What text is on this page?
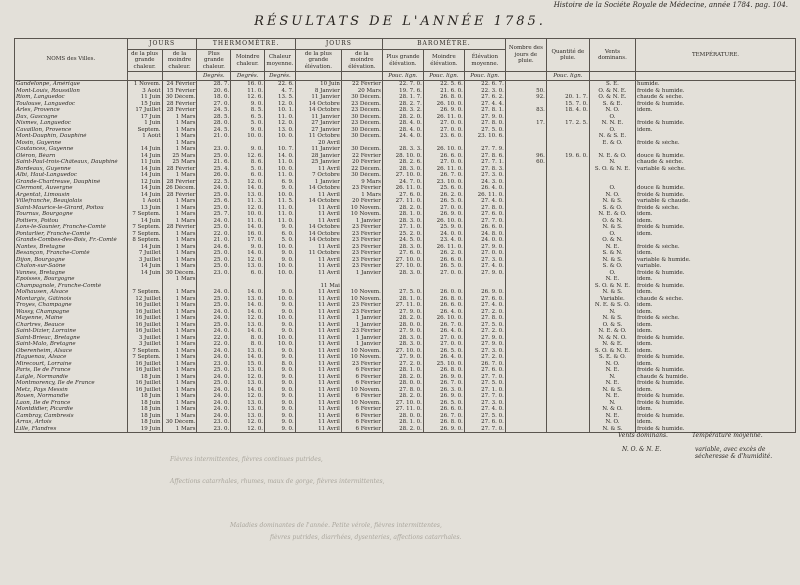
Histoire de la Sociéte Royale de Médecine, année 1784. pag. 104.
RÉSULTATS DE L'ANNÉE 1785.
NOMS des Villes.	JOURS		THERMOMÈTRE.			JOURS		BAROMÈTRE.			Nombre des jours de pluie.	Quantité de pluie.	Vents dominans.	TEMPÉRATURE.
	de la plus grande chaleur.	de la moindre chaleur.	Plus grande chaleur.	Moindre chaleur.	Chaleur moyenne.	de la plus grande élévation.	de la moindre élévation.	Plus grande élévation.	Moindre élévation.	Élévation moyenne.				
			Degrés.	Degrés.	Degrés.			Pouc. lign.	Pouc. lign.	Pouc. lign.		Pouc. lign.		
Gandelonpe, Amérique	1 Novem.	24 Février	28. 7.	16. 0.	22. 6.	10 Juin	22 Février	22. 7. 0.	22. 5. 6.	22. 6. 7.			S. E.	humide.
Mont-Louis, Roussillon	3 Août	15 Février	20. 6.	11. 0.	4. 7.	8 Janvier	20 Mars	19. 7. 6.	21. 6. 0.	22. 3. 0.	50.		O. & N. E.	froide & humide.
Riom, Languedoc	11 Juin	30 Décem.	18. 0.	12. 6.	13. 5.	11 Janvier	30 Décem.	28. 1. 7.	26. 8. 0.	27. 6. 2.	92.	20. 1. 7.	O. & N. E.	chaude & sèche.
Toulouse, Languedoc	15 Juin	28 Février	27. 0.	9. 0.	12. 0.	14 Octobre	23 Décem.	28. 2. 7.	26. 10. 0.	27. 4. 4.		15. 7. 0.	S. & E.	froide & humide.
Arles, Provence	17 Juillet	28 Février	24. 5.	8. 5.	10. 1.	14 Octobre	23 Décem.	28. 3. 2.	26. 9. 0.	27. 8. 1.	83.	18. 4. 0.	N. O.	idem.
Dax, Gascogne	17 Juin	1 Mars	28. 5.	6. 5.	11. 0.	11 Janvier	30 Décem.	28. 2. 0.	26. 11. 0.	27. 9. 0.			O.	
Nismes, Languedoc	1 Juin	1 Mars	28. 0.	5. 0.	12. 0.	27 Janvier	23 Décem.	28. 4. 0.	27. 0. 0.	27. 8. 0.	17.	17. 2. 5.	N. N. E.	froide & humide.
Cavaillon, Provence	Septem.	1 Mars	24. 5.	9. 0.	13. 0.	27 Janvier	30 Décem.	28. 4. 0.	27. 0. 0.	27. 5. 0.			O.	idem.
Mont-Dauphin, Dauphiné	1 Août	1 Mars	21. 0.	10. 0.	10. 0.	11 Octobre	30 Décem.	24. 4. 0.	23. 6. 0.	23. 10. 6.			N. & S. E.	
Mosin, Guyenne		1 Mars				20 Avril							E. & O.	froide & sèche.
Coutances, Guyenne	14 Juin	1 Mars	23. 0.	9. 0.	10. 7.	11 Janvier	30 Décem.	28. 3. 3.	26. 10. 0.	27. 7. 9.				
Oléron, Béarn	14 Juin	25 Mars	25. 0.	12. 6.	14. 0.	28 Janvier	22 Février	28. 10. 0.	26. 6. 0.	27. 8. 6.	96.	19. 6. 0.	N. E. & O.	douce & humide.
Saint-Paul-trois-Châteaux, Dauphiné	11 Juin	25 Mars	21. 6.	8. 6.	11. 0.	25 Janvier	20 Février	28. 2. 6.	27. 0. 0.	27. 7. 1.	60.		N.	chaude & sèche.
Bordeaux, Guyenne	14 Juin	28 Février	25. 4.	5. 0.	10. 0.	11 Avril	22 Décem.	28. 3. 0.	26. 11. 0.	27. 8. 3.			S. O. & N. E.	variable & sèche.
Albi, Haut-Languedoc	14 Juin	1 Mars	26. 0.	6. 0.	11. 0.	7 Octobre	30 Décem.	27. 10. 0.	26. 7. 0.	27. 3. 0.				
Grande-Chartreuse, Dauphiné	12 Juin	28 Février	22. 5.	12. 0.	6. 9.	1 Janvier	9 Mars	24. 7. 0.	23. 10. 0.	24. 3. 0.				
Clermont, Auvergne	14 Juin	26 Décem.	24. 0.	14. 0.	9. 0.	14 Octobre	23 Février	26. 11. 0.	25. 6. 0.	26. 4. 0.			O.	douce & humide.
Argentat, Limousin	14 Juin	28 Février	25. 0.	13. 0.	10. 0.	11 Avril	1 Mars	27. 6. 0.	26. 2. 0.	26. 11. 0.			N. O.	froide & humide.
Villefranche, Beaujolais	1 Août	1 Mars	25. 6.	11. 3.	11. 5.	14 Octobre	20 Février	27. 11. 0.	26. 5. 0.	27. 4. 0.			N. & S.	variable & chaude.
Saint-Maurice-le-Girard, Poitou	13 Juin	1 Mars	25. 0.	12. 0.	11. 0.	11 Avril	10 Novem.	28. 2. 0.	27. 0. 0.	27. 8. 0.			S. & O.	froide & sèche.
Tournus, Bourgogne	7 Septem.	1 Mars	25. 7.	10. 0.	11. 0.	11 Avril	10 Novem.	28. 1. 0.	26. 9. 0.	27. 6. 0.			N. E. & O.	idem.
Poitiers, Poitou	14 Juin	1 Mars	24. 0.	11. 0.	11. 0.	11 Avril	1 Janvier	28. 3. 0.	26. 10. 0.	27. 7. 0.			O. & N.	idem.
Lons-le-Saunier, Franche-Comté	7 Septem.	28 Février	25. 0.	14. 0.	9. 0.	14 Octobre	23 Février	27. 1. 0.	25. 9. 0.	26. 6. 0.			N. & S.	froide & humide.
Pontarlier, Franche-Comté	7 Septem.	1 Mars	22. 0.	16. 0.	6. 0.	14 Octobre	23 Février	25. 2. 0.	24. 0. 0.	24. 8. 0.			O.	idem.
Grands-Combes-des-Bois, Fr.-Comté	8 Septem.	1 Mars	21. 0.	17. 0.	5. 0.	14 Octobre	23 Février	24. 5. 0.	23. 4. 0.	24. 0. 0.			O. & N.	
Nantes, Bretagne	14 Juin	1 Mars	24. 6.	9. 0.	10. 0.	11 Avril	23 Février	28. 3. 0.	26. 11. 0.	27. 9. 0.			N. E.	froide & sèche.
Besançon, Franche-Comté	7 Juillet	1 Mars	25. 0.	14. 0.	9. 0.	11 Octobre	23 Février	27. 6. 0.	26. 2. 0.	27. 0. 0.			S. & N.	idem.
Dijon, Bourgogne	3 Juillet	1 Mars	25. 0.	12. 0.	9. 0.	11 Avril	23 Février	27. 10. 0.	26. 6. 0.	27. 3. 0.			N. & S.	variable & humide.
Chalon-sur-Saône	14 Juin	1 Mars	25. 0.	13. 0.	10. 0.	11 Avril	23 Février	27. 10. 0.	26. 5. 0.	27. 4. 0.			S. & O.	variable.
Vannes, Bretagne	14 Juin	30 Décem.	23. 0.	6. 0.	10. 0.	11 Avril	1 Janvier	28. 3. 0.	27. 0. 0.	27. 9. 0.			O.	froide & humide.
Epoisses, Bourgogne		1 Mars											N. E.	idem.
Champagnole, Franche-Comté						11 Mai							S. O. & N. E.	froide & humide.
Molhausen, Alsace	7 Septem.	1 Mars	24. 0.	14. 0.	9. 0.	11 Avril	10 Novem.	27. 5. 0.	26. 0. 0.	26. 9. 0.			N. & S.	idem.
Montargis, Gâtinois	12 Juillet	1 Mars	25. 0.	13. 0.	10. 0.	11 Avril	10 Novem.	28. 1. 0.	26. 8. 0.	27. 6. 0.			Variable.	chaude & sèche.
Troyes, Champagne	16 Juillet	1 Mars	25. 0.	14. 0.	9. 0.	11 Avril	23 Février	27. 11. 0.	26. 6. 0.	27. 4. 0.			N. E. & S. O.	idem.
Wassy, Champagne	16 Juillet	1 Mars	24. 0.	14. 0.	9. 0.	11 Avril	23 Février	27. 9. 0.	26. 4. 0.	27. 2. 0.			N.	idem.
Mayenne, Maine	16 Juillet	1 Mars	24. 0.	12. 0.	10. 0.	11 Avril	1 Janvier	28. 2. 0.	26. 10. 0.	27. 8. 0.			N. & S.	froide & sèche.
Chartres, Beauce	16 Juillet	1 Mars	25. 0.	13. 0.	9. 0.	11 Avril	1 Janvier	28. 0. 0.	26. 7. 0.	27. 5. 0.			O. & S.	idem.
Saint-Dizier, Lorraine	16 Juillet	1 Mars	24. 0.	14. 0.	9. 0.	11 Avril	23 Février	27. 9. 0.	26. 4. 0.	27. 2. 0.			N. E. & O.	idem.
Saint-Brieuc, Bretagne	3 Juillet	1 Mars	22. 0.	8. 0.	10. 0.	11 Avril	1 Janvier	28. 3. 0.	27. 0. 0.	27. 9. 0.			N. & N. O.	froide & humide.
Saint-Malo, Bretagne	3 Juillet	1 Mars	22. 0.	8. 0.	10. 0.	11 Avril	1 Janvier	28. 3. 0.	27. 0. 0.	27. 9. 0.			N. & E.	idem.
Oberenheim, Alsace	7 Septem.	1 Mars	24. 0.	13. 0.	9. 0.	11 Avril	10 Novem.	27. 10. 0.	26. 5. 0.	27. 3. 0.			S. O. & N. E.	idem.
Haguenau, Alsace	7 Septem.	1 Mars	24. 0.	14. 0.	9. 0.	11 Avril	10 Novem.	27. 9. 0.	26. 4. 0.	27. 2. 0.			S. E. & O.	froide & humide.
Mirecourt, Lorraine	16 Juillet	1 Mars	23. 0.	15. 0.	8. 0.	11 Avril	23 Février	27. 2. 0.	25. 10. 0.	26. 7. 0.			N. O.	idem.
Paris, Île de France	16 Juillet	1 Mars	25. 0.	13. 0.	9. 0.	11 Avril	6 Février	28. 1. 0.	26. 8. 0.	27. 6. 0.			N. E.	froide & humide.
Laigle, Normandie	18 Juin	1 Mars	24. 0.	12. 0.	9. 0.	11 Avril	6 Février	28. 2. 0.	26. 9. 0.	27. 7. 0.			N.	chaude & humide.
Montmorency, Île de France	16 Juillet	1 Mars	25. 0.	13. 0.	9. 0.	11 Avril	6 Février	28. 0. 0.	26. 7. 0.	27. 5. 0.			N. E.	froide & humide.
Metz, Pays Messin	16 Juillet	1 Mars	24. 0.	14. 0.	9. 0.	11 Avril	10 Novem.	27. 8. 0.	26. 3. 0.	27. 1. 0.			N. & S.	idem.
Rouen, Normandie	18 Juin	1 Mars	24. 0.	12. 0.	9. 0.	11 Avril	6 Février	28. 2. 0.	26. 9. 0.	27. 7. 0.			N. E.	froide & humide.
Laon, Île de France	18 Juin	1 Mars	24. 0.	13. 0.	9. 0.	11 Avril	10 Novem.	27. 10. 0.	26. 5. 0.	27. 3. 0.			N.	froide & humide.
Montdidier, Picardie	18 Juin	1 Mars	24. 0.	13. 0.	9. 0.	11 Avril	6 Février	27. 11. 0.	26. 6. 0.	27. 4. 0.			N. & O.	idem.
Cambray, Cambresis	18 Juin	1 Mars	24. 0.	13. 0.	9. 0.	11 Avril	6 Février	28. 0. 0.	26. 7. 0.	27. 5. 0.			N. E.	froide & humide.
Arras, Artois	18 Juin	30 Décem.	23. 0.	12. 0.	9. 0.	11 Avril	6 Février	28. 1. 0.	26. 8. 0.	27. 6. 0.			N. O.	idem.
Lille, Flandres	19 Juin	1 Mars	23. 0.	12. 0.	9. 0.	11 Avril	6 Février	28. 2. 0.	26. 9. 0.	27. 7. 0.			N. & S.	froide & humide.
Vents dominans.	Température moyenne.
N. O. & N. E.	variable, avec excès de sécheresse & d'humidité.
Fièvres intermittentes, fièvres continues putrides,
Affections catarrhales, rhumes, maux de gorge, fièvres intermittentes,
Maladies dominantes de l'année. Petite vérole, fièvres intermittentes,
fièvres putrides, diarrhées, dysenteries, affections catarrhales.
